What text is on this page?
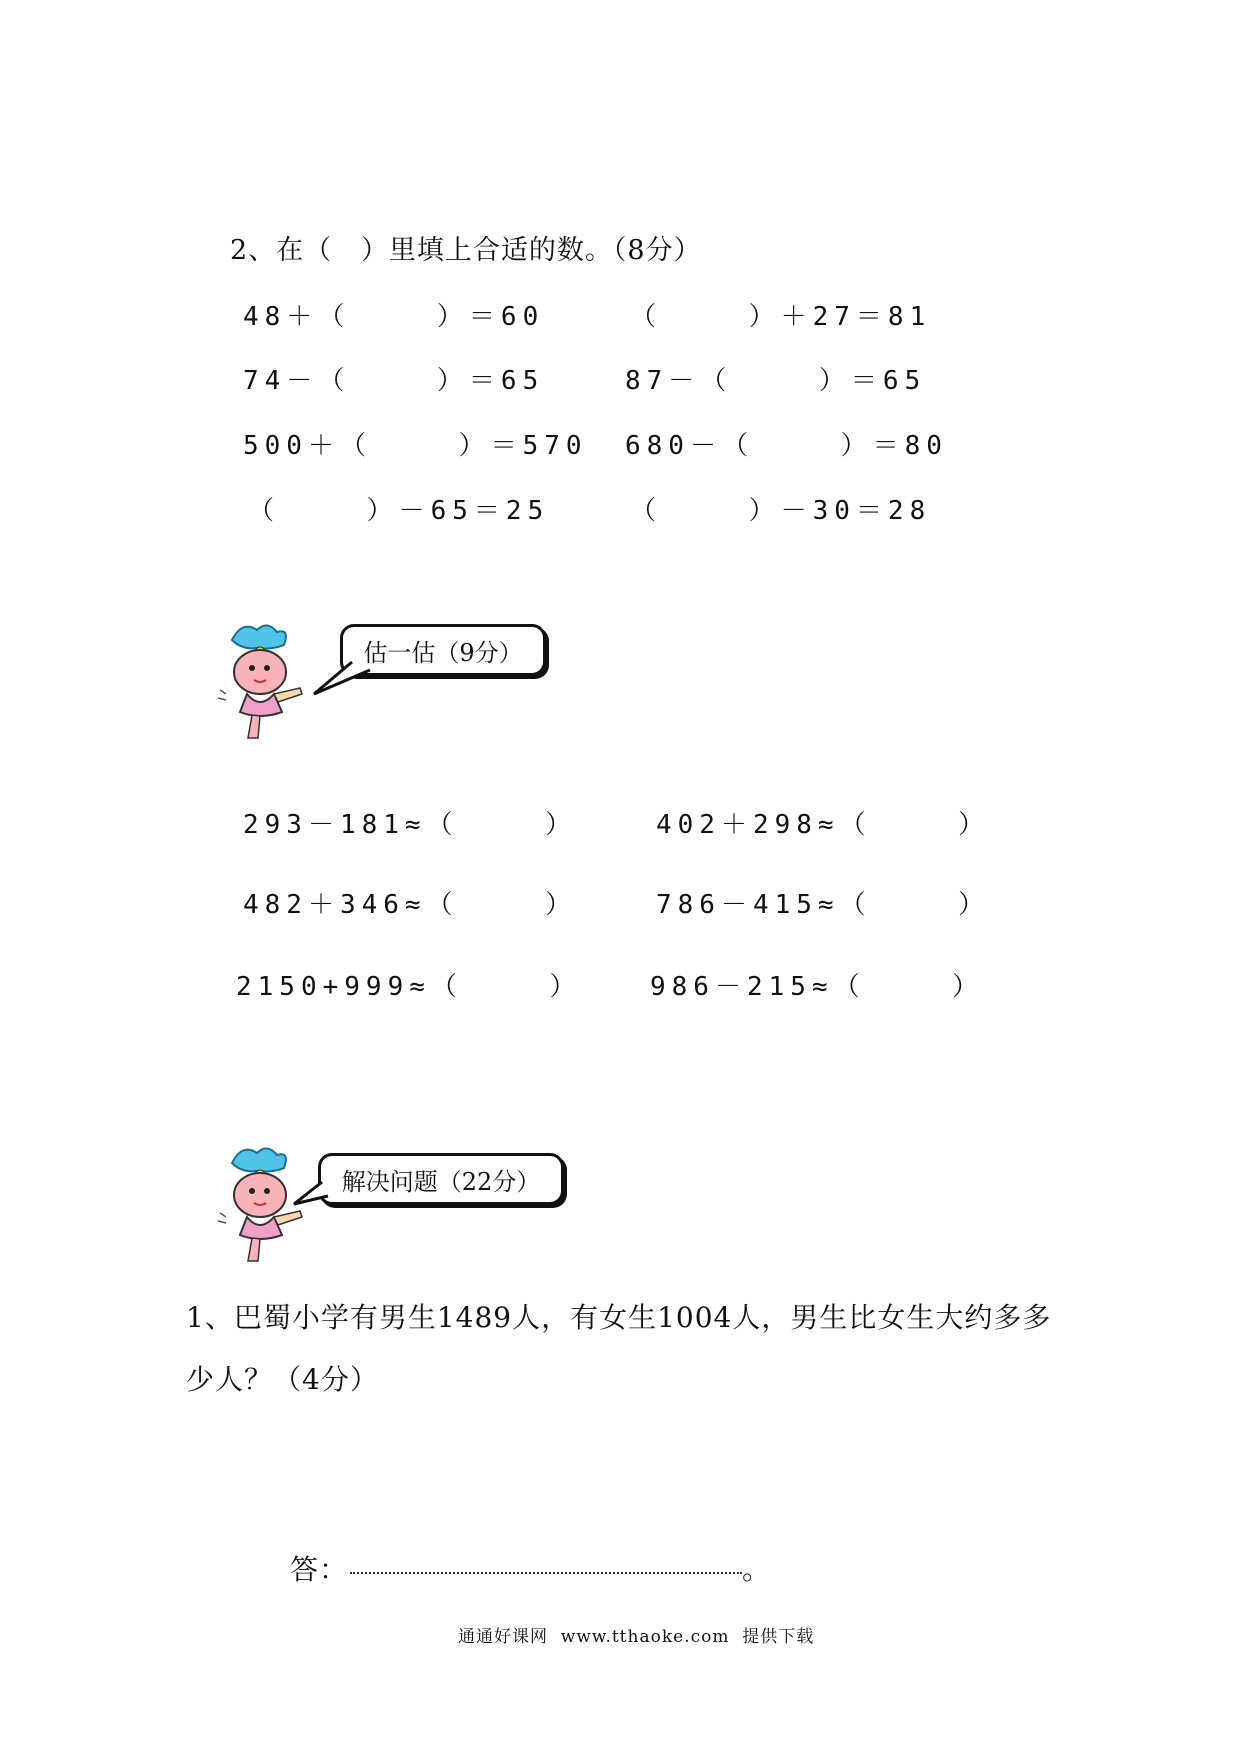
2、在（   ）里填上合适的数。（8分）
48＋（    ）＝60	（    ）＋27＝81
74－（    ）＝65	87－（    ）＝65
500＋（    ）＝570 680－（    ）＝80
（    ）－65＝25	（    ）－30＝28
估一估（9分）
293－181≈（    ）	402＋298≈（    ）
482＋346≈（    ）	786－415≈（    ）
2150+999≈（    ）	986－215≈（    ）
解决问题（22分）
1、巴蜀小学有男生1489人，有女生1004人，男生比女生大约多多
少人？（4分）
答：	。
通通好课网  www.tthaoke.com  提供下载
